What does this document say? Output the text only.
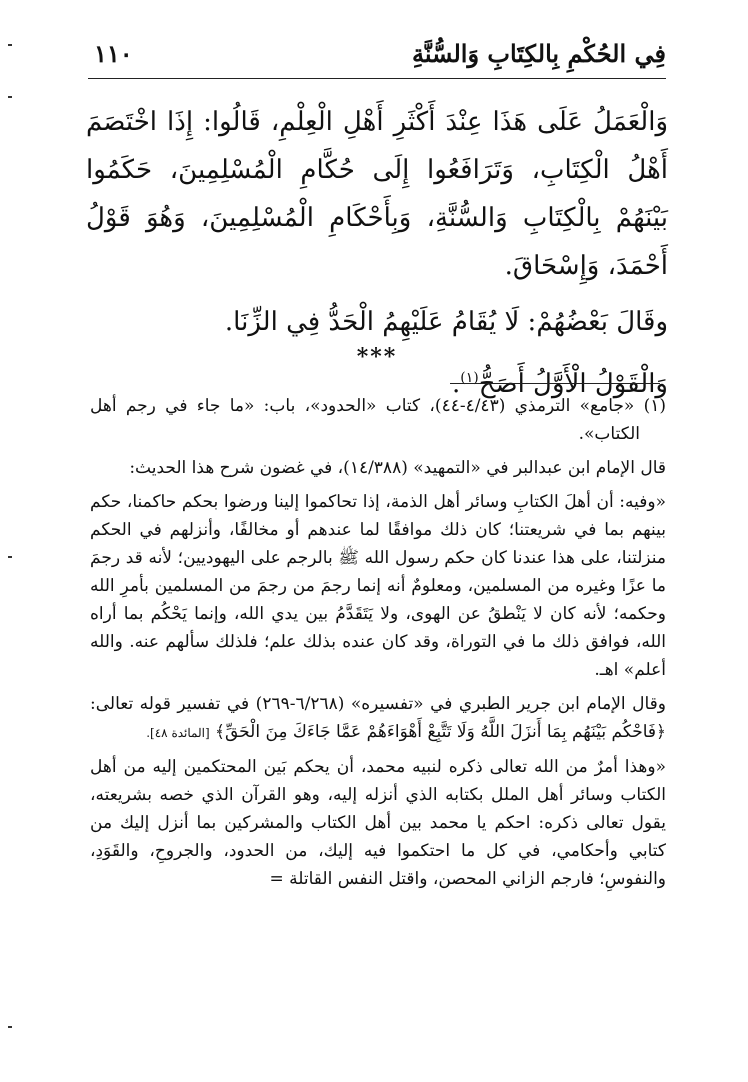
فِي الحُكْمِ بِالكِتَابِ وَالسُّنَّةِ
١١٠

وَالْعَمَلُ عَلَى هَذَا عِنْدَ أَكْثَرِ أَهْلِ الْعِلْمِ، قَالُوا: إِذَا اخْتَصَمَ أَهْلُ الْكِتَابِ، وَتَرَافَعُوا إِلَى حُكَّامِ الْمُسْلِمِينَ، حَكَمُوا بَيْنَهُمْ بِالْكِتَابِ وَالسُّنَّةِ، وَبِأَحْكَامِ الْمُسْلِمِينَ، وَهُوَ قَوْلُ أَحْمَدَ، وَإِسْحَاقَ.

وقَالَ بَعْضُهُمْ: لَا يُقَامُ عَلَيْهِمُ الْحَدُّ فِي الزِّنَا.

وَالْقَوْلُ الْأَوَّلُ أَصَحُّ$^{(١)}$.

***

(١) «جامع» الترمذي (٤/٤٣-٤٤)، كتاب «الحدود»، باب: «ما جاء في رجم أهل الكتاب».

قال الإمام ابن عبدالبر في «التمهيد» (١٤/٣٨٨)، في غضون شرح هذا الحديث:

«وفيه: أن أهلَ الكتابِ وسائر أهل الذمة، إذا تحاكموا إلينا ورضوا بحكم حاكمنا، حكم بينهم بما في شريعتنا؛ كان ذلك موافقًا لما عندهم أو مخالفًا، وأنزلهم في الحكم منزلتنا، على هذا عندنا كان حكم رسول الله ﷺ بالرجم على اليهوديين؛ لأنه قد رجمَ ما عزًا وغيره من المسلمين، ومعلومٌ أنه إنما رجمَ من رجمَ من المسلمين بأمرِ الله وحكمه؛ لأنه كان لا يَنْطقُ عن الهوى، ولا يَتَقَدَّمُ بين يدي الله، وإنما يَحْكُم بما أراه الله، فوافق ذلك ما في التوراة، وقد كان عنده بذلك علم؛ فلذلك سألهم عنه. والله أعلم» اهـ.

وقال الإمام ابن جرير الطبري في «تفسيره» (٦/٢٦٨-٢٦٩) في تفسير قوله تعالى: ﴿فَاحْكُم بَيْنَهُم بِمَا أَنزَلَ اللَّهُ وَلَا تَتَّبِعْ أَهْوَاءَهُمْ عَمَّا جَاءَكَ مِنَ الْحَقِّ﴾ [المائدة ٤٨].

«وهذا أمرٌ من الله تعالى ذكره لنبيه محمد، أن يحكم بَين المحتكمين إليه من أهل الكتاب وسائر أهل الملل بكتابه الذي أنزله إليه، وهو القرآن الذي خصه بشريعته، يقول تعالى ذكره: احكم يا محمد بين أهل الكتاب والمشركين بما أنزل إليك من كتابي وأحكامي، في كل ما احتكموا فيه إليك، من الحدود، والجروحِ، والقَوَدِ، والنفوسِ؛ فارجم الزاني المحصن، واقتل النفس القاتلة =
